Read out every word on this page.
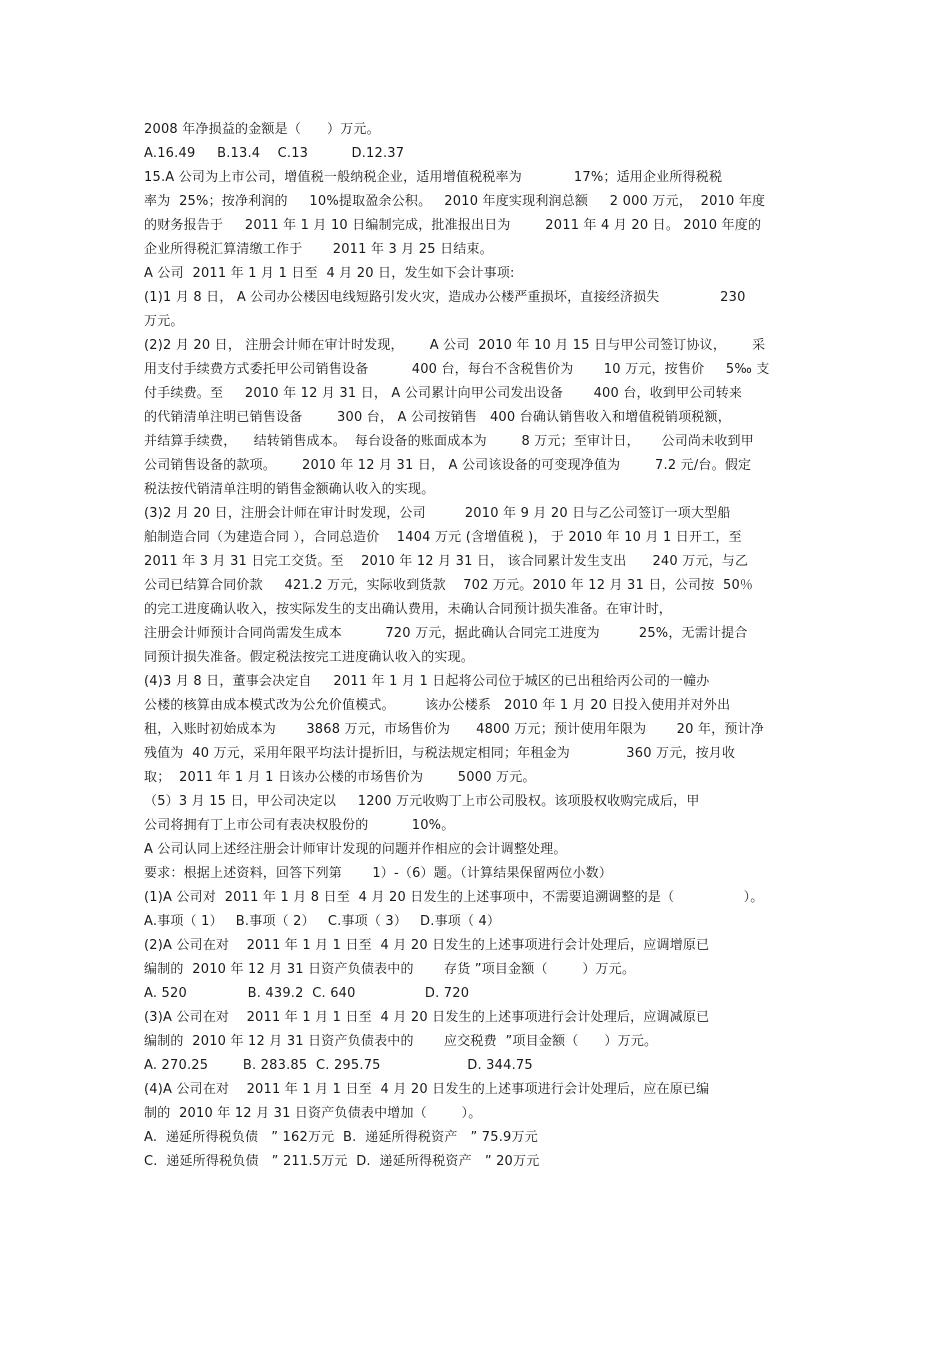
2008 年净损益的金额是（      ）万元。
A.16.49     B.13.4    C.13          D.12.37
15.A 公司为上市公司，增值税一般纳税企业，适用增值税税率为            17%；适用企业所得税税
率为  25%；按净利润的     10%提取盈余公积。   2010 年度实现利润总额     2 000 万元，  2010 年度
的财务报告于     2011 年 1 月 10 日编制完成，批准报出日为        2011 年 4 月 20 日。 2010 年度的
企业所得税汇算清缴工作于       2011 年 3 月 25 日结束。
A 公司  2011 年 1 月 1 日至  4 月 20 日，发生如下会计事项:
(1)1 月 8 日， A 公司办公楼因电线短路引发火灾，造成办公楼严重损坏，直接经济损失              230
万元。
(2)2 月 20 日， 注册会计师在审计时发现，      A 公司  2010 年 10 月 15 日与甲公司签订协议，      采
用支付手续费方式委托甲公司销售设备          400 台，每台不含税售价为       10 万元，按售价     5‰ 支
付手续费。至     2010 年 12 月 31 日， A 公司累计向甲公司发出设备       400 台，收到甲公司转来
的代销清单注明已销售设备        300 台， A 公司按销售   400 台确认销售收入和增值税销项税额，
并结算手续费，    结转销售成本。  每台设备的账面成本为        8 万元；至审计日，     公司尚未收到甲
公司销售设备的款项。      2010 年 12 月 31 日， A 公司该设备的可变现净值为        7.2 元/台。假定
税法按代销清单注明的销售金额确认收入的实现。
(3)2 月 20 日，注册会计师在审计时发现，公司         2010 年 9 月 20 日与乙公司签订一项大型船
舶制造合同（为建造合同 ），合同总造价    1404 万元 (含增值税 )， 于 2010 年 10 月 1 日开工，至
2011 年 3 月 31 日完工交货。至    2010 年 12 月 31 日， 该合同累计发生支出      240 万元，与乙
公司已结算合同价款     421.2 万元，实际收到货款    702 万元。2010 年 12 月 31 日，公司按  50％
的完工进度确认收入，按实际发生的支出确认费用，未确认合同预计损失准备。在审计时，
注册会计师预计合同尚需发生成本          720 万元，据此确认合同完工进度为         25%，无需计提合
同预计损失准备。假定税法按完工进度确认收入的实现。
(4)3 月 8 日，董事会决定自     2011 年 1 月 1 日起将公司位于城区的已出租给丙公司的一幢办
公楼的核算由成本模式改为公允价值模式。       该办公楼系   2010 年 1 月 20 日投入使用并对外出
租，入账时初始成本为       3868 万元，市场售价为      4800 万元；预计使用年限为       20 年，预计净
残值为  40 万元，采用年限平均法计提折旧，与税法规定相同；年租金为             360 万元，按月收
取；  2011 年 1 月 1 日该办公楼的市场售价为        5000 万元。
（5）3 月 15 日，甲公司决定以     1200 万元收购丁上市公司股权。该项股权收购完成后，甲
公司将拥有丁上市公司有表决权股份的          10%。
A 公司认同上述经注册会计师审计发现的问题并作相应的会计调整处理。
要求：根据上述资料，回答下列第       1）-（6）题。（计算结果保留两位小数）
(1)A 公司对  2011 年 1 月 8 日至  4 月 20 日发生的上述事项中，不需要追溯调整的是（                ）。
A.事项（ 1）   B.事项（ 2）   C.事项（ 3）   D.事项（ 4）
(2)A 公司在对    2011 年 1 月 1 日至  4 月 20 日发生的上述事项进行会计处理后，应调增原已
编制的  2010 年 12 月 31 日资产负债表中的       存货 ”项目金额（        ）万元。
A. 520              B. 439.2  C. 640                D. 720
(3)A 公司在对    2011 年 1 月 1 日至  4 月 20 日发生的上述事项进行会计处理后，应调减原已
编制的  2010 年 12 月 31 日资产负债表中的       应交税费  ”项目金额（      ）万元。
A. 270.25        B. 283.85  C. 295.75                    D. 344.75
(4)A 公司在对    2011 年 1 月 1 日至  4 月 20 日发生的上述事项进行会计处理后，应在原已编
制的  2010 年 12 月 31 日资产负债表中增加（        ）。
A.  递延所得税负债   ” 162万元  B.  递延所得税资产   ” 75.9万元
C.  递延所得税负债   ” 211.5万元  D.  递延所得税资产   ” 20万元
